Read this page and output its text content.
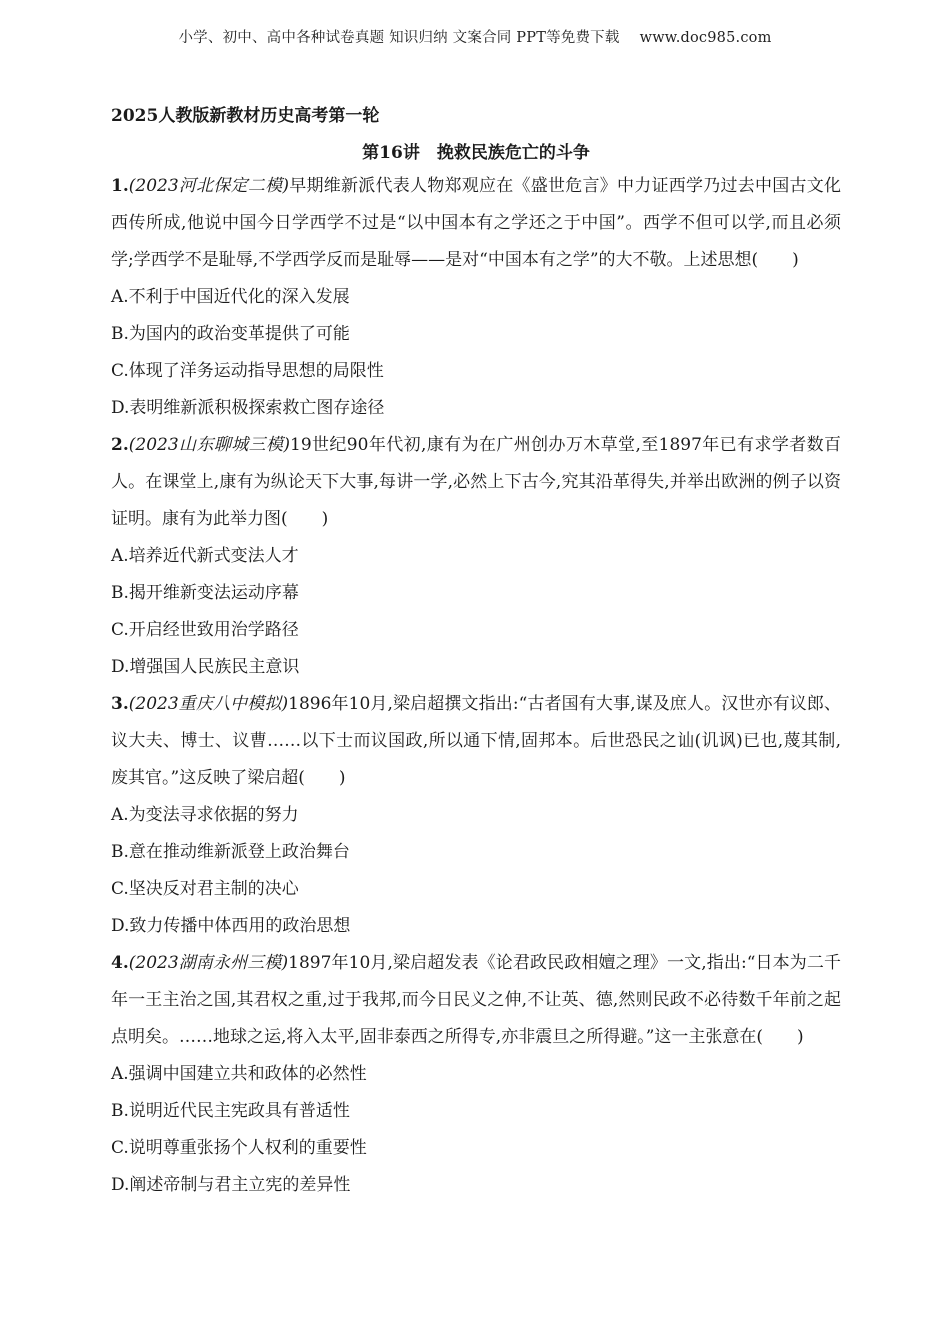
小学、初中、高中各种试卷真题 知识归纳 文案合同 PPT等免费下载 www.doc985.com
2025人教版新教材历史高考第一轮
第16讲　挽救民族危亡的斗争

1.(2023河北保定二模)早期维新派代表人物郑观应在《盛世危言》中力证西学乃过去中国古文化西传所成,他说中国今日学西学不过是“以中国本有之学还之于中国”。西学不但可以学,而且必须学;学西学不是耻辱,不学西学反而是耻辱——是对“中国本有之学”的大不敬。上述思想(　　)

A.不利于中国近代化的深入发展
B.为国内的政治变革提供了可能
C.体现了洋务运动指导思想的局限性
D.表明维新派积极探索救亡图存途径

2.(2023山东聊城三模)19世纪90年代初,康有为在广州创办万木草堂,至1897年已有求学者数百人。在课堂上,康有为纵论天下大事,每讲一学,必然上下古今,究其沿革得失,并举出欧洲的例子以资证明。康有为此举力图(　　)

A.培养近代新式变法人才
B.揭开维新变法运动序幕
C.开启经世致用治学路径
D.增强国人民族民主意识

3.(2023重庆八中模拟)1896年10月,梁启超撰文指出:“古者国有大事,谋及庶人。汉世亦有议郎、议大夫、博士、议曹……以下士而议国政,所以通下情,固邦本。后世恐民之讪(讥讽)已也,蔑其制,废其官。”这反映了梁启超(　　)

A.为变法寻求依据的努力
B.意在推动维新派登上政治舞台
C.坚决反对君主制的决心
D.致力传播中体西用的政治思想

4.(2023湖南永州三模)1897年10月,梁启超发表《论君政民政相嬗之理》一文,指出:“日本为二千年一王主治之国,其君权之重,过于我邦,而今日民义之伸,不让英、德,然则民政不必待数千年前之起点明矣。……地球之运,将入太平,固非泰西之所得专,亦非震旦之所得避。”这一主张意在(　　)

A.强调中国建立共和政体的必然性
B.说明近代民主宪政具有普适性
C.说明尊重张扬个人权利的重要性
D.阐述帝制与君主立宪的差异性
